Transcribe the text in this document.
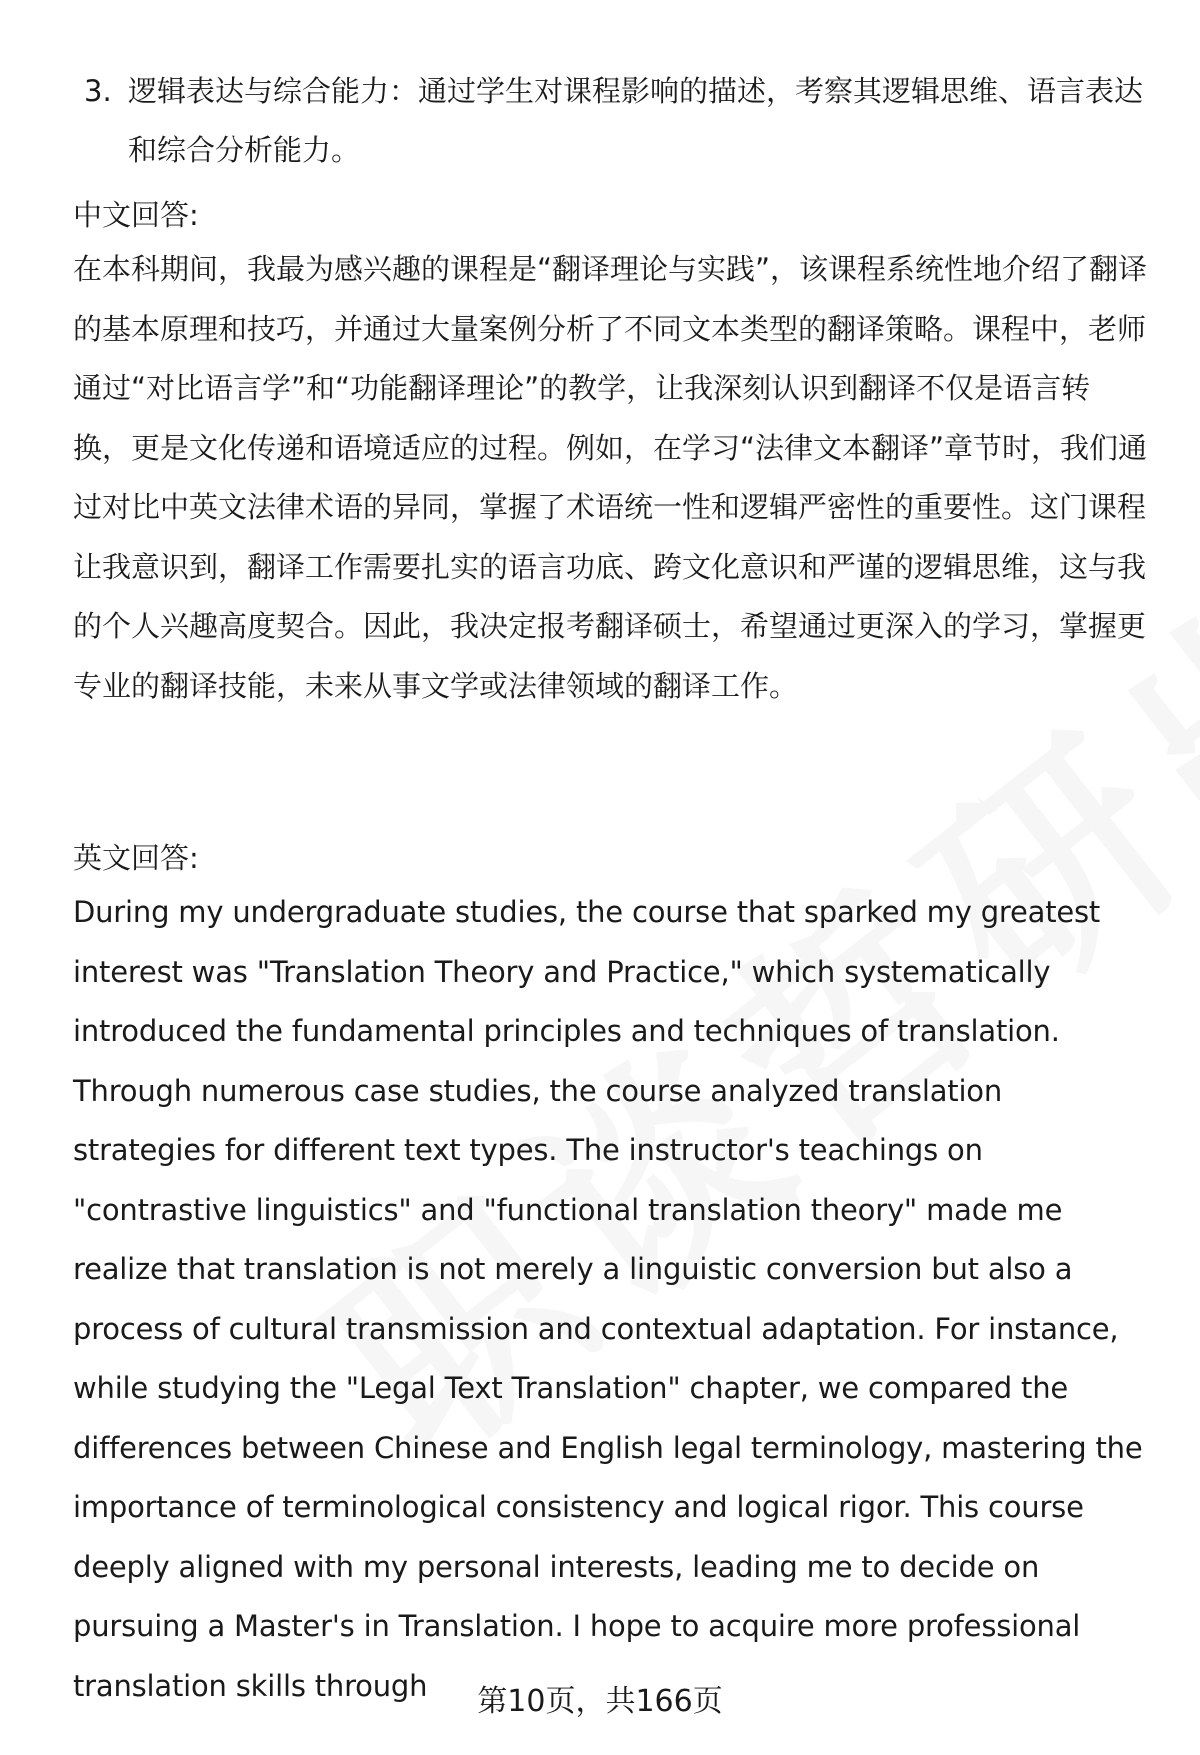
3. 逻辑表达与综合能力：通过学生对课程影响的描述，考察其逻辑思维、语言表达和综合分析能力。
中文回答:
在本科期间，我最为感兴趣的课程是“翻译理论与实践”，该课程系统性地介绍了翻译的基本原理和技巧，并通过大量案例分析了不同文本类型的翻译策略。课程中，老师通过“对比语言学”和“功能翻译理论”的教学，让我深刻认识到翻译不仅是语言转换，更是文化传递和语境适应的过程。例如，在学习“法律文本翻译”章节时，我们通过对比中英文法律术语的异同，掌握了术语统一性和逻辑严密性的重要性。这门课程让我意识到，翻译工作需要扎实的语言功底、跨文化意识和严谨的逻辑思维，这与我的个人兴趣高度契合。因此，我决定报考翻译硕士，希望通过更深入的学习，掌握更专业的翻译技能，未来从事文学或法律领域的翻译工作。
英文回答:
During my undergraduate studies, the course that sparked my greatest interest was "Translation Theory and Practice," which systematically introduced the fundamental principles and techniques of translation. Through numerous case studies, the course analyzed translation strategies for different text types. The instructor's teachings on "contrastive linguistics" and "functional translation theory" made me realize that translation is not merely a linguistic conversion but also a process of cultural transmission and contextual adaptation. For instance, while studying the "Legal Text Translation" chapter, we compared the differences between Chinese and English legal terminology, mastering the importance of terminological consistency and logical rigor. This course deeply aligned with my personal interests, leading me to decide on pursuing a Master's in Translation. I hope to acquire more professional translation skills through	第10页，共166页
